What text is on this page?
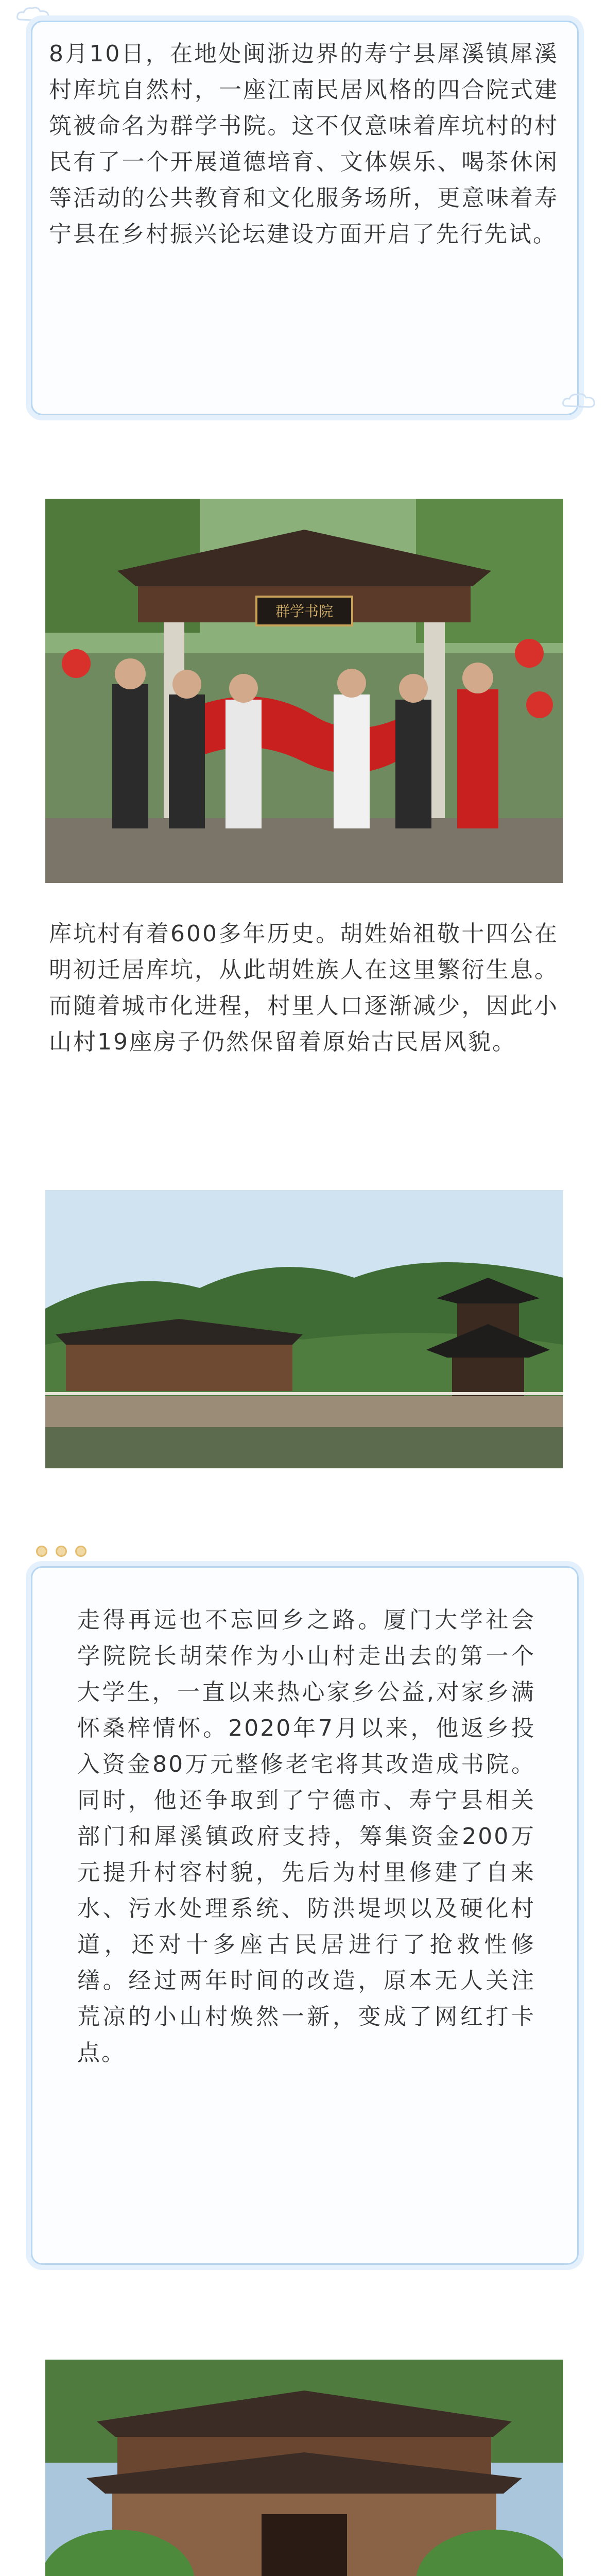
8月10日，在地处闽浙边界的寿宁县犀溪镇犀溪村库坑自然村，一座江南民居风格的四合院式建筑被命名为群学书院。这不仅意味着库坑村的村民有了一个开展道德培育、文体娱乐、喝茶休闲等活动的公共教育和文化服务场所，更意味着寿宁县在乡村振兴论坛建设方面开启了先行先试。

群学书院

库坑村有着600多年历史。胡姓始祖敬十四公在明初迁居库坑，从此胡姓族人在这里繁衍生息。而随着城市化进程，村里人口逐渐减少，因此小山村19座房子仍然保留着原始古民居风貌。

走得再远也不忘回乡之路。厦门大学社会学院院长胡荣作为小山村走出去的第一个大学生，一直以来热心家乡公益,对家乡满怀桑梓情怀。2020年7月以来，他返乡投入资金80万元整修老宅将其改造成书院。同时，他还争取到了宁德市、寿宁县相关部门和犀溪镇政府支持，筹集资金200万元提升村容村貌，先后为村里修建了自来水、污水处理系统、防洪堤坝以及硬化村道，还对十多座古民居进行了抢救性修缮。经过两年时间的改造，原本无人关注荒凉的小山村焕然一新，变成了网红打卡点。
